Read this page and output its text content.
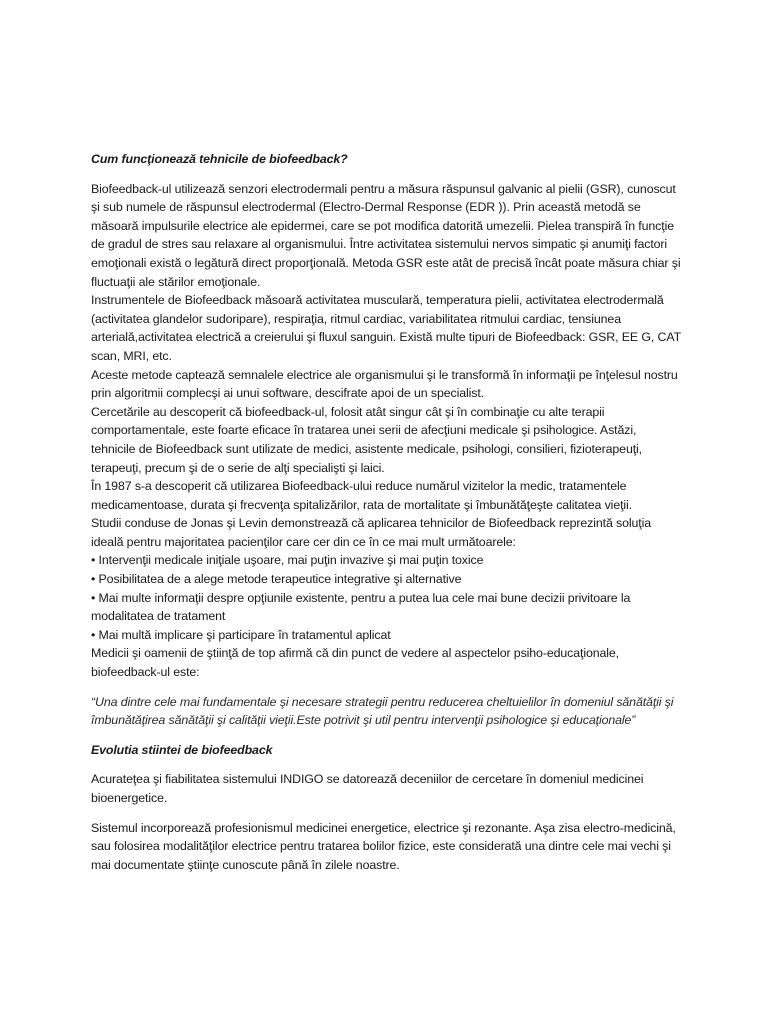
Cum funcţionează tehnicile de biofeedback?

Biofeedback-ul utilizează senzori electrodermali pentru a măsura răspunsul galvanic al pielii (GSR), cunoscut şi sub numele de răspunsul electrodermal (Electro-Dermal Response (EDR )). Prin această metodă se măsoară impulsurile electrice ale epidermei, care se pot modifica datorită umezelii. Pielea transpiră în funcţie de gradul de stres sau relaxare al organismului. Între activitatea sistemului nervos simpatic şi anumiţi factori emoţionali există o legătură direct proporţională. Metoda GSR este atât de precisă încât poate măsura chiar şi fluctuaţii ale stărilor emoţionale.

Instrumentele de Biofeedback măsoară activitatea musculară, temperatura pielii, activitatea electrodermală (activitatea glandelor sudoripare), respiraţia, ritmul cardiac, variabilitatea ritmului cardiac, tensiunea arterială,activitatea electrică a creierului şi fluxul sanguin. Există multe tipuri de Biofeedback: GSR, EE G, CAT scan, MRI, etc.

Aceste metode captează semnalele electrice ale organismului şi le transformă în informaţii pe înţelesul nostru prin algoritmii complecşi ai unui software, descifrate apoi de un specialist.

Cercetările au descoperit că biofeedback-ul, folosit atât singur cât şi în combinaţie cu alte terapii comportamentale, este foarte eficace în tratarea unei serii de afecţiuni medicale şi psihologice. Astăzi, tehnicile de Biofeedback sunt utilizate de medici, asistente medicale, psihologi, consilieri, fizioterapeuţi, terapeuţi, precum şi de o serie de alţi specialişti şi laici.

În 1987 s-a descoperit că utilizarea Biofeedback-ului reduce numărul vizitelor la medic, tratamentele medicamentoase, durata şi frecvenţa spitalizărilor, rata de mortalitate şi îmbunătăţeşte calitatea vieţii.

Studii conduse de Jonas şi Levin demonstrează că aplicarea tehnicilor de Biofeedback reprezintă soluţia ideală pentru majoritatea pacienţilor care cer din ce în ce mai mult următoarele:

• Intervenţii medicale iniţiale uşoare, mai puţin invazive şi mai puţin toxice

• Posibilitatea de a alege metode terapeutice integrative şi alternative

• Mai multe informaţii despre opţiunile existente, pentru a putea lua cele mai bune decizii privitoare la modalitatea de tratament

• Mai multă implicare şi participare în tratamentul aplicat

Medicii şi oamenii de ştiinţă de top afirmă că din punct de vedere al aspectelor psiho-educaţionale, biofeedback-ul este:

“Una dintre cele mai fundamentale şi necesare strategii pentru reducerea cheltuielilor în domeniul sănătăţii şi îmbunătăţirea sănătăţii şi calităţii vieţii.Este potrivit şi util pentru intervenţii psihologice şi educaţionale”

Evolutia stiintei de biofeedback

Acurateţea şi fiabilitatea sistemului INDIGO se datorează deceniilor de cercetare în domeniul medicinei bioenergetice.

Sistemul incorporează profesionismul medicinei energetice, electrice şi rezonante. Aşa zisa electro-medicină, sau folosirea modalităţilor electrice pentru tratarea bolilor fizice, este considerată una dintre cele mai vechi şi mai documentate ştiinţe cunoscute până în zilele noastre.
